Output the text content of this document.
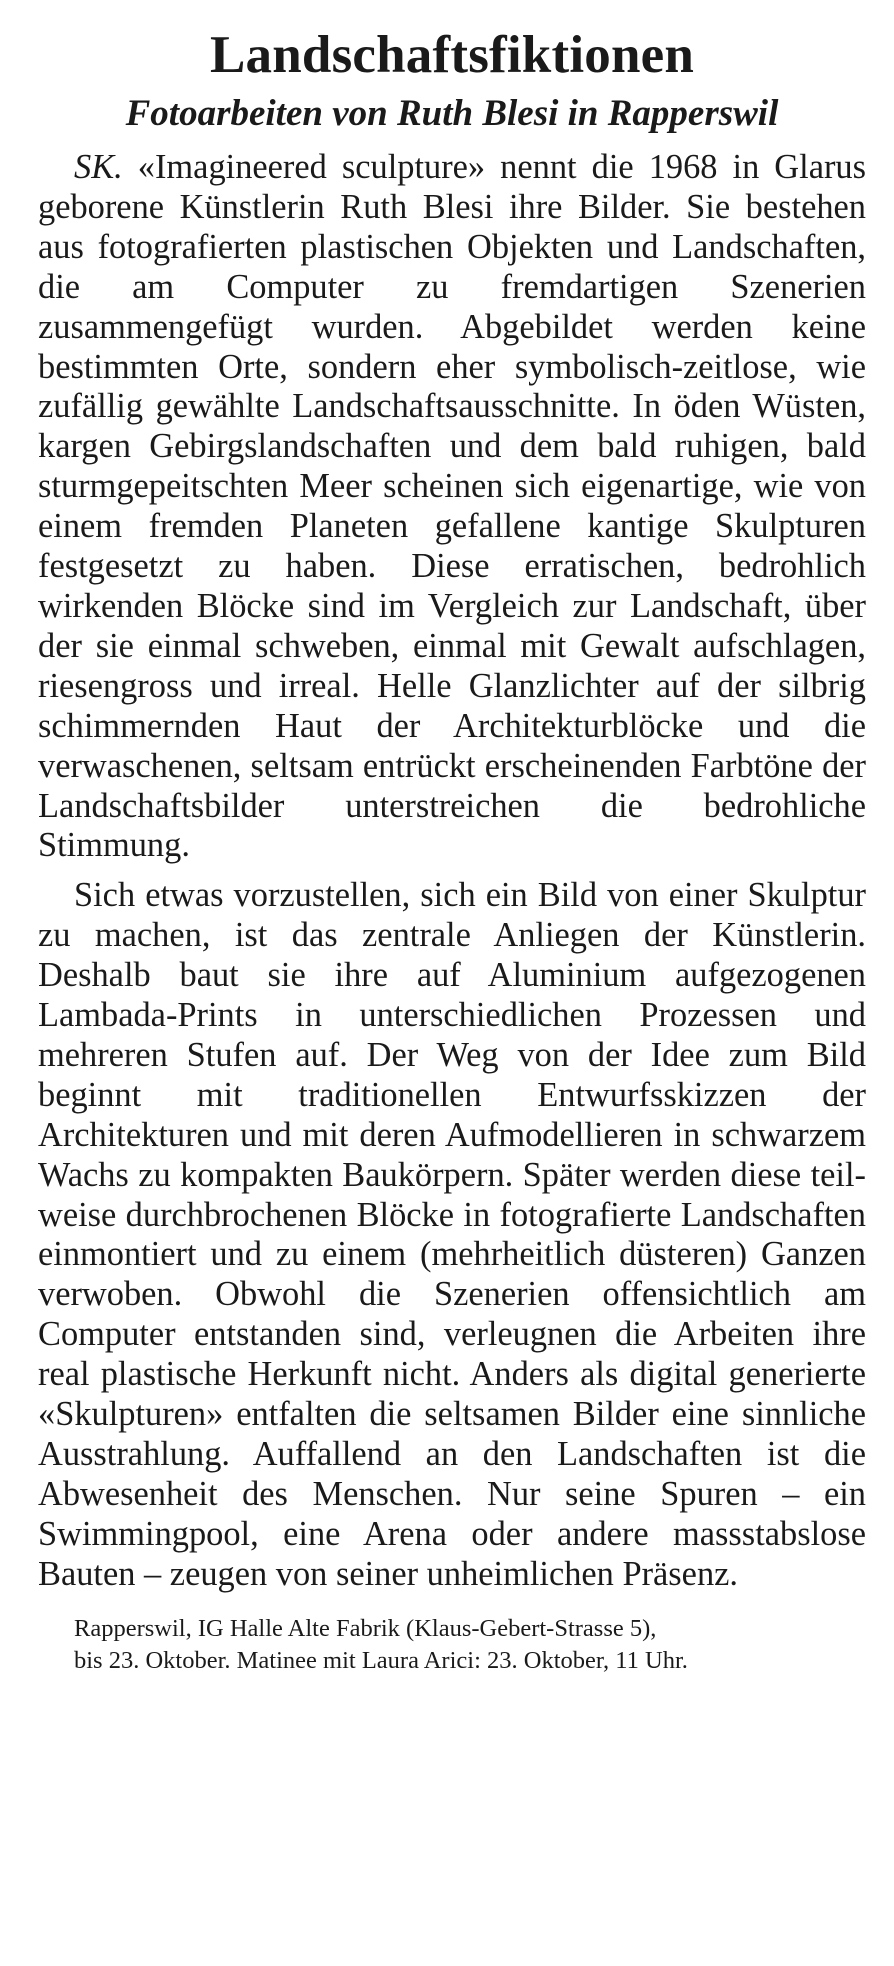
Landschaftsfiktionen
Fotoarbeiten von Ruth Blesi in Rapperswil

SK. «Imagineered sculpture» nennt die 1968 in Glarus geborene Künstlerin Ruth Blesi ihre Bilder. Sie bestehen aus fotografierten plastischen Objekten und Landschaften, die am Computer zu fremdartigen Szenerien zusammengefügt wurden. Abgebildet werden keine bestimmten Orte, sondern eher symbolisch-zeitlose, wie zufällig gewählte Landschaftsausschnitte. In öden Wüsten, kargen Gebirgslandschaften und dem bald ruhigen, bald sturmgepeitschten Meer scheinen sich eigenartige, wie von einem fremden Planeten gefallene kantige Skulpturen festgesetzt zu haben. Diese erratischen, bedrohlich wirkenden Blöcke sind im Vergleich zur Landschaft, über der sie einmal schweben, einmal mit Gewalt aufschlagen, riesengross und irreal. Helle Glanzlichter auf der silbrig schimmernden Haut der Architekturblöcke und die verwaschenen, seltsam entrückt erscheinenden Farbtöne der Landschaftsbilder unterstreichen die bedrohliche Stimmung.

Sich etwas vorzustellen, sich ein Bild von einer Skulptur zu machen, ist das zentrale Anliegen der Künstlerin. Deshalb baut sie ihre auf Aluminium aufgezogenen Lambada-Prints in unterschiedlichen Prozessen und mehreren Stufen auf. Der Weg von der Idee zum Bild beginnt mit traditionellen Entwurfsskizzen der Architekturen und mit deren Aufmodellieren in schwarzem Wachs zu kompakten Baukörpern. Später werden diese teilweise durchbrochenen Blöcke in fotografierte Landschaften einmontiert und zu einem (mehrheitlich düsteren) Ganzen verwoben. Obwohl die Szenerien offensichtlich am Computer entstanden sind, verleugnen die Arbeiten ihre real plastische Herkunft nicht. Anders als digital generierte «Skulpturen» entfalten die seltsamen Bilder eine sinnliche Ausstrahlung. Auffallend an den Landschaften ist die Abwesenheit des Menschen. Nur seine Spuren – ein Swimmingpool, eine Arena oder andere massstabslose Bauten – zeugen von seiner unheimlichen Präsenz.

Rapperswil, IG Halle Alte Fabrik (Klaus-Gebert-Strasse 5),

bis 23. Oktober. Matinee mit Laura Arici: 23. Oktober, 11 Uhr.
